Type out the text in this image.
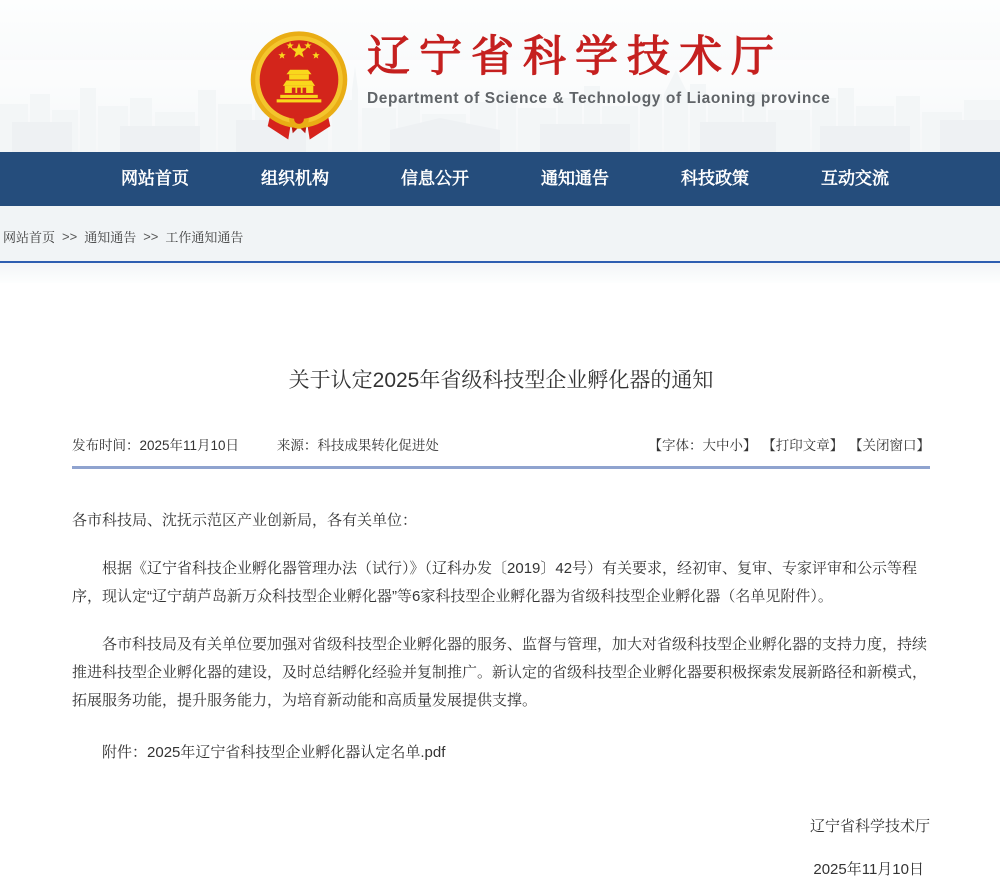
辽宁省科学技术厅
Department of Science & Technology of Liaoning province
网站首页	组织机构	信息公开	通知通告	科技政策	互动交流
网站首页 >> 通知通告 >> 工作通知通告
关于认定2025年省级科技型企业孵化器的通知
发布时间：2025年11月10日	来源：科技成果转化促进处	【字体：大中小】 【打印文章】 【关闭窗口】

各市科技局、沈抚示范区产业创新局，各有关单位：

根据《辽宁省科技企业孵化器管理办法（试行）》（辽科办发〔2019〕42号）有关要求，经初审、复审、专家评审和公示等程序，现认定“辽宁葫芦岛新万众科技型企业孵化器”等6家科技型企业孵化器为省级科技型企业孵化器（名单见附件）。

各市科技局及有关单位要加强对省级科技型企业孵化器的服务、监督与管理，加大对省级科技型企业孵化器的支持力度，持续推进科技型企业孵化器的建设，及时总结孵化经验并复制推广。新认定的省级科技型企业孵化器要积极探索发展新路径和新模式，拓展服务功能，提升服务能力，为培育新动能和高质量发展提供支撑。

附件：2025年辽宁省科技型企业孵化器认定名单.pdf

辽宁省科学技术厅
2025年11月10日
